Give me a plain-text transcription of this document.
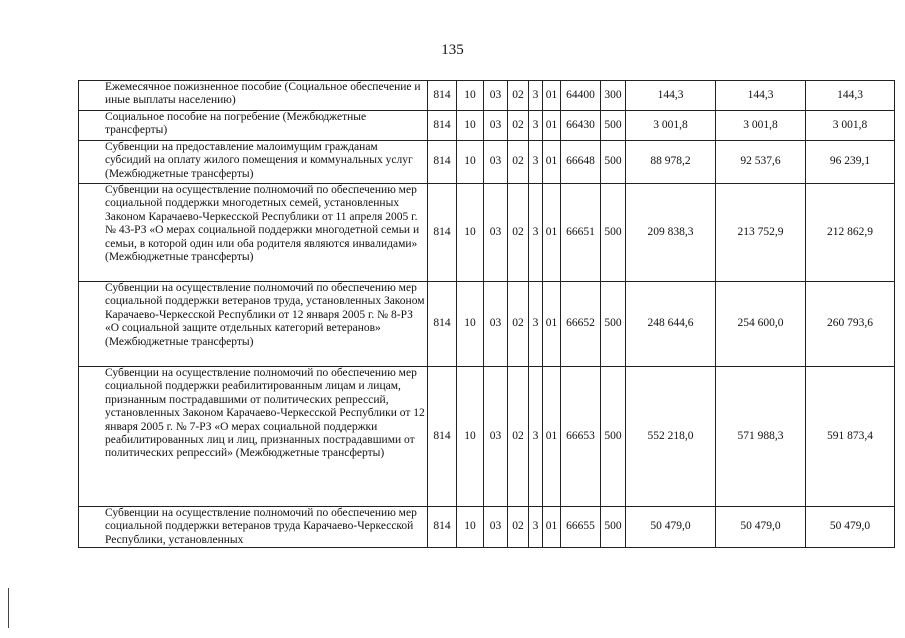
135
Ежемесячное пожизненное пособие (Социальное обеспечение и иные выплаты населению)	814	10	03	02	3	01	64400	300	144,3	144,3	144,3
Социальное пособие на погребение (Межбюджетные трансферты)	814	10	03	02	3	01	66430	500	3 001,8	3 001,8	3 001,8
Субвенции на предоставление малоимущим гражданам субсидий на оплату жилого помещения и коммунальных услуг (Межбюджетные трансферты)	814	10	03	02	3	01	66648	500	88 978,2	92 537,6	96 239,1
Субвенции на осуществление полномочий по обеспечению мер социальной поддержки многодетных семей, установленных Законом Карачаево-Черкесской Республики от 11 апреля 2005 г. № 43-РЗ «О мерах социальной поддержки многодетной семьи и семьи, в которой один или оба родителя являются инвалидами» (Межбюджетные трансферты)	814	10	03	02	3	01	66651	500	209 838,3	213 752,9	212 862,9
Субвенции на осуществление полномочий по обеспечению мер социальной поддержки ветеранов труда, установленных Законом Карачаево-Черкесской Республики от 12 января 2005 г. № 8-РЗ «О социальной защите отдельных категорий ветеранов» (Межбюджетные трансферты)	814	10	03	02	3	01	66652	500	248 644,6	254 600,0	260 793,6
Субвенции на осуществление полномочий по обеспечению мер социальной поддержки реабилитированным лицам и лицам, признанным пострадавшими от политических репрессий, установленных Законом Карачаево-Черкесской Республики от 12 января 2005 г. № 7-РЗ «О мерах социальной поддержки реабилитированных лиц и лиц, признанных пострадавшими от политических репрессий» (Межбюджетные трансферты)	814	10	03	02	3	01	66653	500	552 218,0	571 988,3	591 873,4
Субвенции на осуществление полномочий по обеспечению мер социальной поддержки ветеранов труда Карачаево-Черкесской Республики, установленных	814	10	03	02	3	01	66655	500	50 479,0	50 479,0	50 479,0
